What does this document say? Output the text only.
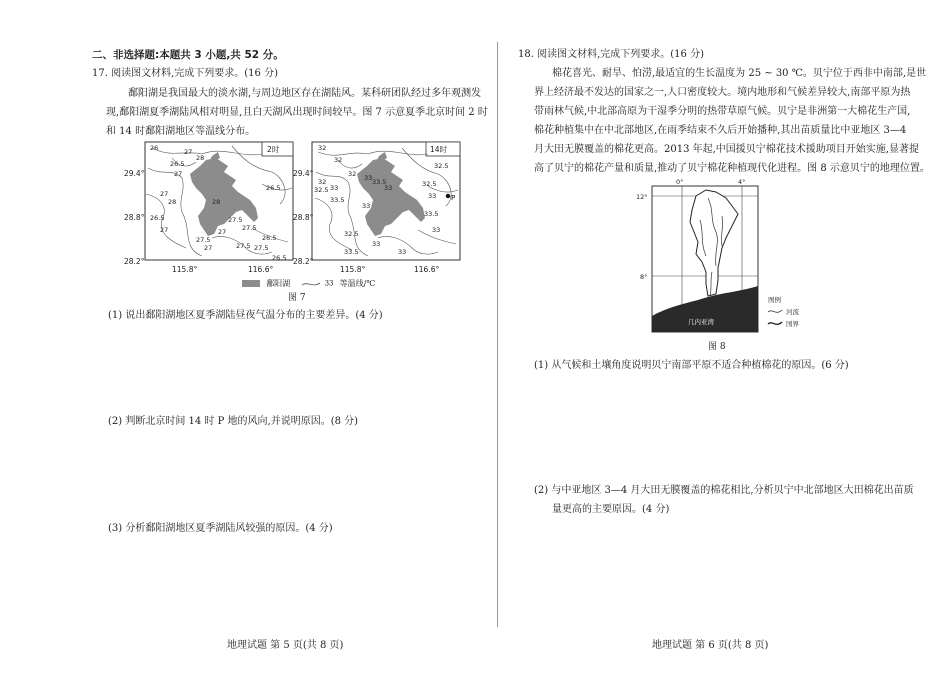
二、非选择题:本题共 3 小题,共 52 分。
17. 阅读图文材料,完成下列要求。(16 分)
鄱阳湖是我国最大的淡水湖,与周边地区存在湖陆风。某科研团队经过多年观测发
现,鄱阳湖夏季湖陆风相对明显,且白天湖风出现时间较早。图 7 示意夏季北京时间 2 时
和 14 时鄱阳湖地区等温线分布。
29.4°
28.8°
28.2°
115.8°	116.6°
2时
26
26.5
27
28
27
26.5
27
28
26.5
27
28
27.5
27 27.5
27.5
27.5
26.5
27	27.5
26.5
P
29.4°
28.8°
28.2°
115.8°	116.6°
14时
32
32
32.5
32 33 33.5
32
32.5 33	33	32.5
33
33.5
33
33.5
33
32.5
33
33.5	33
鄱阳湖	33 等温线/℃
图 7
(1) 说出鄱阳湖地区夏季湖陆昼夜气温分布的主要差异。(4 分)
(2) 判断北京时间 14 时 P 地的风向,并说明原因。(8 分)
(3) 分析鄱阳湖地区夏季湖陆风较强的原因。(4 分)
地理试题 第 5 页(共 8 页)
18. 阅读图文材料,完成下列要求。(16 分)
棉花喜光、耐旱、怕涝,最适宜的生长温度为 25 ~ 30 ℃。贝宁位于西非中南部,是世
界上经济最不发达的国家之一,人口密度较大。境内地形和气候差异较大,南部平原为热
带雨林气候,中北部高原为干湿季分明的热带草原气候。贝宁是非洲第一大棉花生产国,
棉花种植集中在中北部地区,在雨季结束不久后开始播种,其出苗质量比中亚地区 3—4
月大田无膜覆盖的棉花更高。2013 年起,中国援贝宁棉花技术援助项目开始实施,显著提
高了贝宁的棉花产量和质量,推动了贝宁棉花种植现代化进程。图 8 示意贝宁的地理位置。
几内亚湾
0°	4°
12°
8°
图例
河流
国界
图 8
(1) 从气候和土壤角度说明贝宁南部平原不适合种植棉花的原因。(6 分)
(2) 与中亚地区 3—4 月大田无膜覆盖的棉花相比,分析贝宁中北部地区大田棉花出苗质
量更高的主要原因。(4 分)
地理试题 第 6 页(共 8 页)
